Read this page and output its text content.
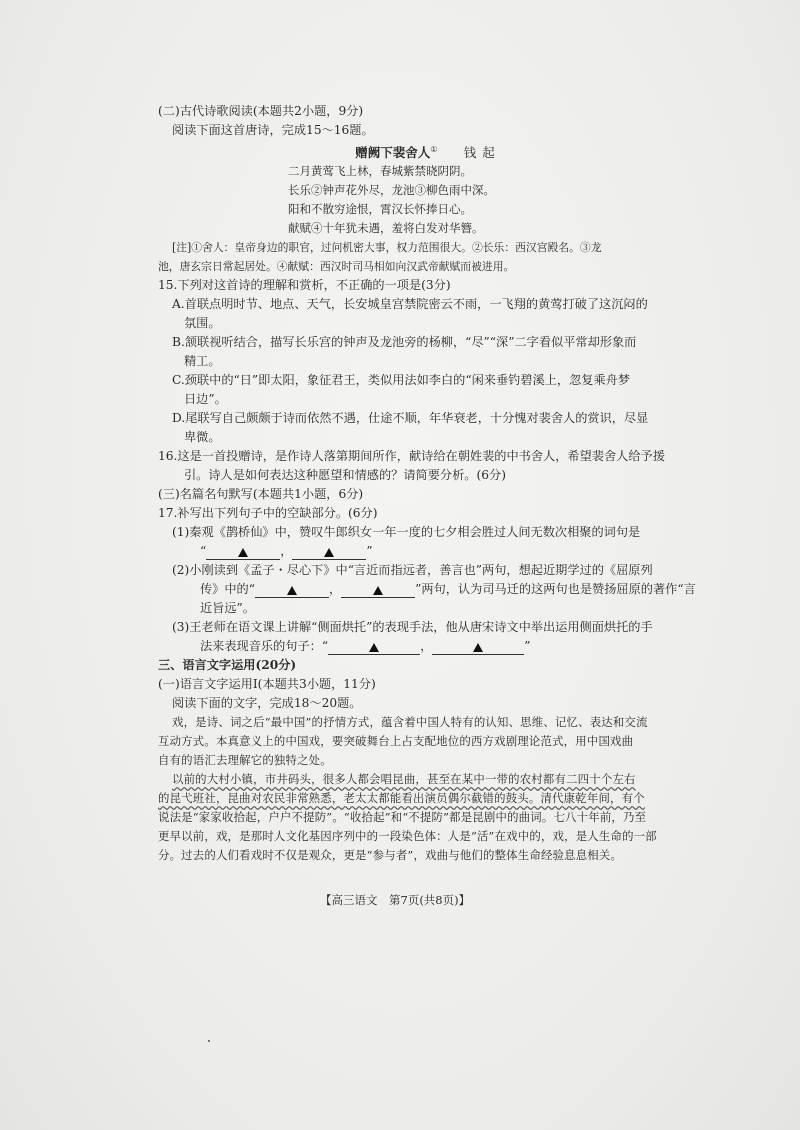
(二)古代诗歌阅读(本题共2小题，9分)
阅读下面这首唐诗，完成15～16题。
赠阙下裴舍人① 钱起
二月黄莺飞上林，春城紫禁晓阴阴。
长乐②钟声花外尽，龙池③柳色雨中深。
阳和不散穷途恨，霄汉长怀捧日心。
献赋④十年犹未遇，羞将白发对华簪。
[注]①舍人：皇帝身边的职官，过问机密大事，权力范围很大。②长乐：西汉宫殿名。③龙
池，唐玄宗日常起居处。④献赋：西汉时司马相如向汉武帝献赋而被进用。
15.下列对这首诗的理解和赏析，不正确的一项是(3分)
A.首联点明时节、地点、天气，长安城皇宫禁院密云不雨，一飞翔的黄莺打破了这沉闷的
氛围。
B.颔联视听结合，描写长乐宫的钟声及龙池旁的杨柳，“尽”“深”二字看似平常却形象而
精工。
C.颈联中的“日”即太阳，象征君王，类似用法如李白的“闲来垂钓碧溪上，忽复乘舟梦
日边”。
D.尾联写自己颇颇于诗而依然不遇，仕途不顺，年华衰老，十分愧对裴舍人的赏识，尽显
卑微。
16.这是一首投赠诗，是作诗人落第期间所作，献诗给在朝姓裴的中书舍人，希望裴舍人给予援
引。诗人是如何表达这种愿望和情感的？请简要分析。(6分)
(三)名篇名句默写(本题共1小题，6分)
17.补写出下列句子中的空缺部分。(6分)
(1)秦观《鹊桥仙》中，赞叹牛郎织女一年一度的七夕相会胜过人间无数次相聚的词句是
“	，	”
(2)小刚读到《孟子・尽心下》中“言近而指远者，善言也”两句，想起近期学过的《屈原列
传》中的“	，	”两句，认为司马迁的这两句也是赞扬屈原的著作“言
近旨远”。
(3)王老师在语文课上讲解“侧面烘托”的表现手法，他从唐宋诗文中举出运用侧面烘托的手
法来表现音乐的句子：“	，	”
三、语言文字运用(20分)
(一)语言文字运用Ⅰ(本题共3小题，11分)
阅读下面的文字，完成18～20题。
戏，是诗、词之后“最中国”的抒情方式，蕴含着中国人特有的认知、思维、记忆、表达和交流
互动方式。本真意义上的中国戏，要突破舞台上占支配地位的西方戏剧理论范式，用中国戏曲
自有的语汇去理解它的独特之处。
以前的大村小镇，市井码头，很多人都会唱昆曲，甚至在某中一带的农村都有二四十个左右
的昆弋班社，昆曲对农民非常熟悉，老太太都能看出演员偶尔截错的鼓头。清代康乾年间，有个
说法是“家家收拾起，户户不提防”。“收拾起”和“不提防”都是昆剧中的曲词。七八十年前，乃至
更早以前，戏，是那时人文化基因序列中的一段染色体：人是“活”在戏中的，戏，是人生命的一部
分。过去的人们看戏时不仅是观众，更是“参与者”，戏曲与他们的整体生命经验息息相关。
【高三语文　第7页(共8页)】
